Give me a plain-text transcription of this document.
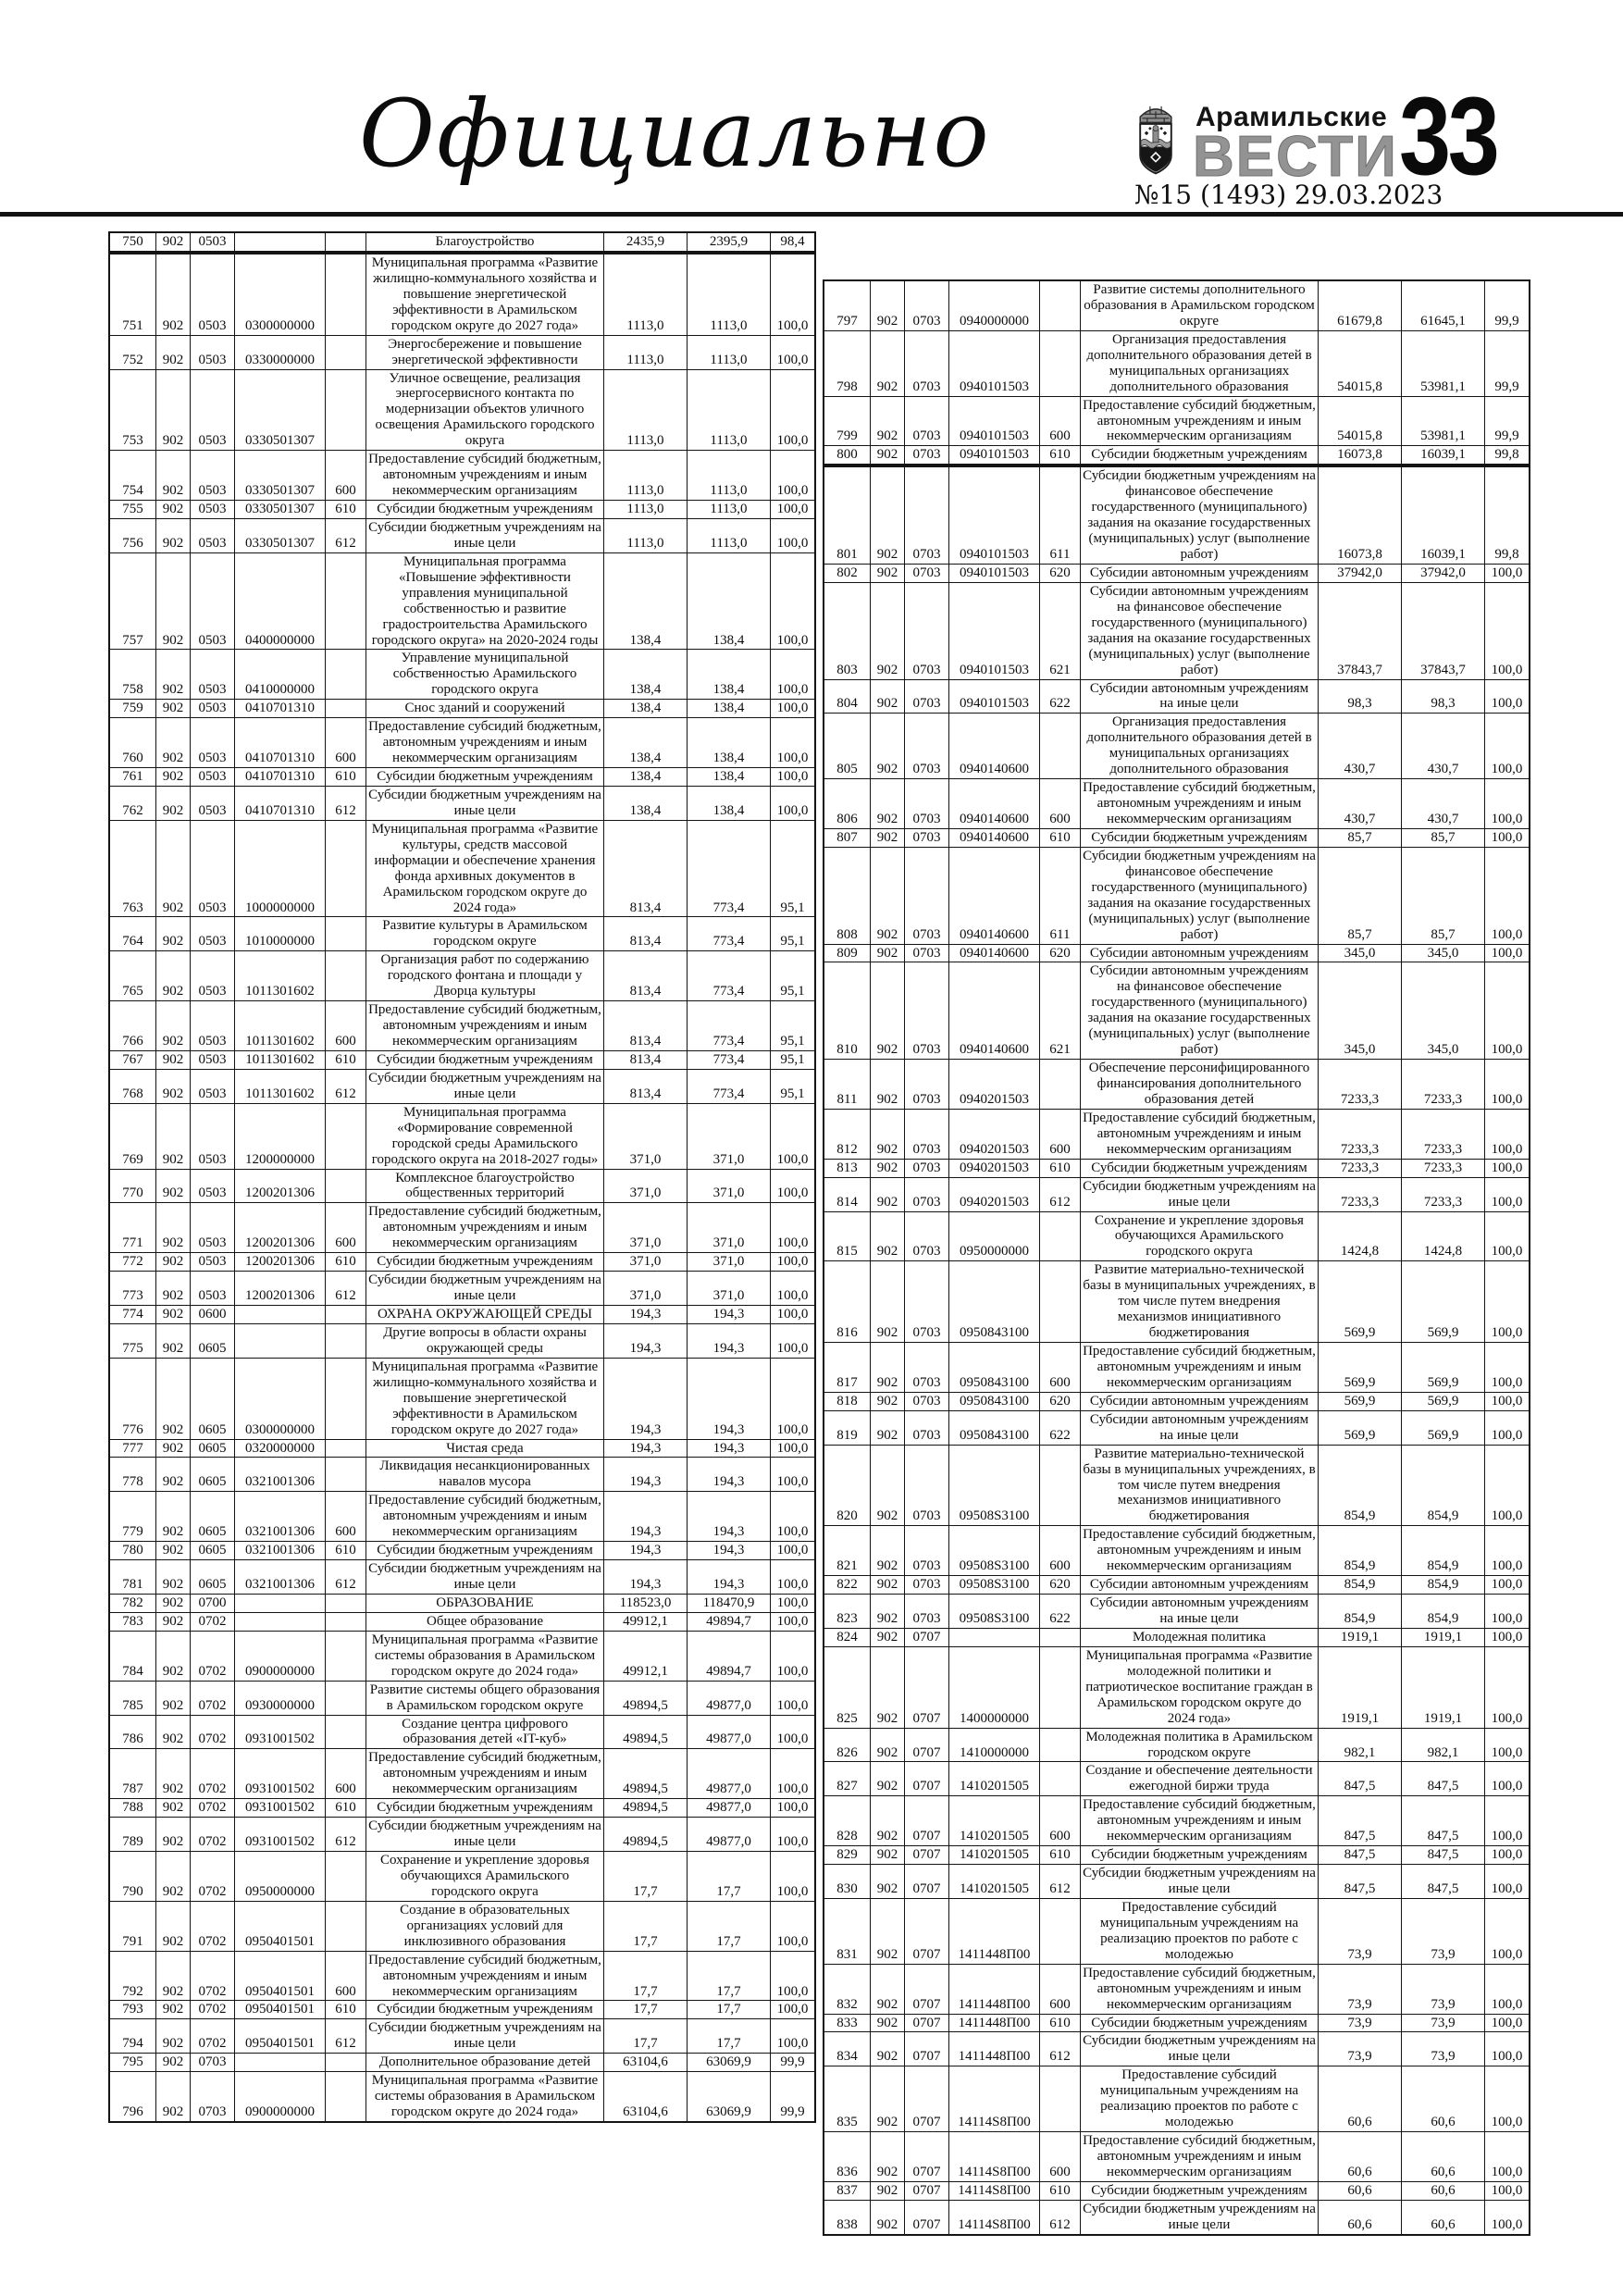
Официально	Арамильские
ВЕСТИ
№15 (1493) 29.03.2023
33
750	902	0503			Благоустройство	2435,9	2395,9	98,4
751	902	0503	0300000000		Муниципальная программа «Развитие жилищно-коммунального хозяйства и повышение энергетической эффективности в Арамильском городском округе до 2027 года»	1113,0	1113,0	100,0
752	902	0503	0330000000		Энергосбережение и повышение энергетической эффективности	1113,0	1113,0	100,0
753	902	0503	0330501307		Уличное освещение, реализация энергосервисного контакта по модернизации объектов уличного освещения Арамильского городского округа	1113,0	1113,0	100,0
754	902	0503	0330501307	600	Предоставление субсидий бюджетным, автономным учреждениям и иным некоммерческим организациям	1113,0	1113,0	100,0
755	902	0503	0330501307	610	Субсидии бюджетным учреждениям	1113,0	1113,0	100,0
756	902	0503	0330501307	612	Субсидии бюджетным учреждениям на иные цели	1113,0	1113,0	100,0
757	902	0503	0400000000		Муниципальная программа «Повышение эффективности управления муниципальной собственностью и развитие градостроительства Арамильского городского округа» на 2020-2024 годы	138,4	138,4	100,0
758	902	0503	0410000000		Управление муниципальной собственностью Арамильского городского округа	138,4	138,4	100,0
759	902	0503	0410701310		Снос зданий и сооружений	138,4	138,4	100,0
760	902	0503	0410701310	600	Предоставление субсидий бюджетным, автономным учреждениям и иным некоммерческим организациям	138,4	138,4	100,0
761	902	0503	0410701310	610	Субсидии бюджетным учреждениям	138,4	138,4	100,0
762	902	0503	0410701310	612	Субсидии бюджетным учреждениям на иные цели	138,4	138,4	100,0
763	902	0503	1000000000		Муниципальная программа «Развитие культуры, средств массовой информации и обеспечение хранения фонда архивных документов в Арамильском городском округе до 2024 года»	813,4	773,4	95,1
764	902	0503	1010000000		Развитие культуры в Арамильском городском округе	813,4	773,4	95,1
765	902	0503	1011301602		Организация работ по содержанию городского фонтана и площади у Дворца культуры	813,4	773,4	95,1
766	902	0503	1011301602	600	Предоставление субсидий бюджетным, автономным учреждениям и иным некоммерческим организациям	813,4	773,4	95,1
767	902	0503	1011301602	610	Субсидии бюджетным учреждениям	813,4	773,4	95,1
768	902	0503	1011301602	612	Субсидии бюджетным учреждениям на иные цели	813,4	773,4	95,1
769	902	0503	1200000000		Муниципальная программа «Формирование современной городской среды Арамильского городского округа на 2018-2027 годы»	371,0	371,0	100,0
770	902	0503	1200201306		Комплексное благоустройство общественных территорий	371,0	371,0	100,0
771	902	0503	1200201306	600	Предоставление субсидий бюджетным, автономным учреждениям и иным некоммерческим организациям	371,0	371,0	100,0
772	902	0503	1200201306	610	Субсидии бюджетным учреждениям	371,0	371,0	100,0
773	902	0503	1200201306	612	Субсидии бюджетным учреждениям на иные цели	371,0	371,0	100,0
774	902	0600			ОХРАНА ОКРУЖАЮЩЕЙ СРЕДЫ	194,3	194,3	100,0
775	902	0605			Другие вопросы в области охраны окружающей среды	194,3	194,3	100,0
776	902	0605	0300000000		Муниципальная программа «Развитие жилищно-коммунального хозяйства и повышение энергетической эффективности в Арамильском городском округе до 2027 года»	194,3	194,3	100,0
777	902	0605	0320000000		Чистая среда	194,3	194,3	100,0
778	902	0605	0321001306		Ликвидация несанкционированных навалов мусора	194,3	194,3	100,0
779	902	0605	0321001306	600	Предоставление субсидий бюджетным, автономным учреждениям и иным некоммерческим организациям	194,3	194,3	100,0
780	902	0605	0321001306	610	Субсидии бюджетным учреждениям	194,3	194,3	100,0
781	902	0605	0321001306	612	Субсидии бюджетным учреждениям на иные цели	194,3	194,3	100,0
782	902	0700			ОБРАЗОВАНИЕ	118523,0	118470,9	100,0
783	902	0702			Общее образование	49912,1	49894,7	100,0
784	902	0702	0900000000		Муниципальная программа «Развитие системы образования в Арамильском городском округе до 2024 года»	49912,1	49894,7	100,0
785	902	0702	0930000000		Развитие системы общего образования в Арамильском городском округе	49894,5	49877,0	100,0
786	902	0702	0931001502		Создание центра цифрового образования детей «IT-куб»	49894,5	49877,0	100,0
787	902	0702	0931001502	600	Предоставление субсидий бюджетным, автономным учреждениям и иным некоммерческим организациям	49894,5	49877,0	100,0
788	902	0702	0931001502	610	Субсидии бюджетным учреждениям	49894,5	49877,0	100,0
789	902	0702	0931001502	612	Субсидии бюджетным учреждениям на иные цели	49894,5	49877,0	100,0
790	902	0702	0950000000		Сохранение и укрепление здоровья обучающихся Арамильского городского округа	17,7	17,7	100,0
791	902	0702	0950401501		Создание в образовательных организациях условий для инклюзивного образования	17,7	17,7	100,0
792	902	0702	0950401501	600	Предоставление субсидий бюджетным, автономным учреждениям и иным некоммерческим организациям	17,7	17,7	100,0
793	902	0702	0950401501	610	Субсидии бюджетным учреждениям	17,7	17,7	100,0
794	902	0702	0950401501	612	Субсидии бюджетным учреждениям на иные цели	17,7	17,7	100,0
795	902	0703			Дополнительное образование детей	63104,6	63069,9	99,9
796	902	0703	0900000000		Муниципальная программа «Развитие системы образования в Арамильском городском округе до 2024 года»	63104,6	63069,9	99,9
797	902	0703	0940000000		Развитие системы дополнительного образования в Арамильском городском округе	61679,8	61645,1	99,9
798	902	0703	0940101503		Организация предоставления дополнительного образования детей в муниципальных организациях дополнительного образования	54015,8	53981,1	99,9
799	902	0703	0940101503	600	Предоставление субсидий бюджетным, автономным учреждениям и иным некоммерческим организациям	54015,8	53981,1	99,9
800	902	0703	0940101503	610	Субсидии бюджетным учреждениям	16073,8	16039,1	99,8
801	902	0703	0940101503	611	Субсидии бюджетным учреждениям на финансовое обеспечение государственного (муниципального) задания на оказание государственных (муниципальных) услуг (выполнение работ)	16073,8	16039,1	99,8
802	902	0703	0940101503	620	Субсидии автономным учреждениям	37942,0	37942,0	100,0
803	902	0703	0940101503	621	Субсидии автономным учреждениям на финансовое обеспечение государственного (муниципального) задания на оказание государственных (муниципальных) услуг (выполнение работ)	37843,7	37843,7	100,0
804	902	0703	0940101503	622	Субсидии автономным учреждениям на иные цели	98,3	98,3	100,0
805	902	0703	0940140600		Организация предоставления дополнительного образования детей в муниципальных организациях дополнительного образования	430,7	430,7	100,0
806	902	0703	0940140600	600	Предоставление субсидий бюджетным, автономным учреждениям и иным некоммерческим организациям	430,7	430,7	100,0
807	902	0703	0940140600	610	Субсидии бюджетным учреждениям	85,7	85,7	100,0
808	902	0703	0940140600	611	Субсидии бюджетным учреждениям на финансовое обеспечение государственного (муниципального) задания на оказание государственных (муниципальных) услуг (выполнение работ)	85,7	85,7	100,0
809	902	0703	0940140600	620	Субсидии автономным учреждениям	345,0	345,0	100,0
810	902	0703	0940140600	621	Субсидии автономным учреждениям на финансовое обеспечение государственного (муниципального) задания на оказание государственных (муниципальных) услуг (выполнение работ)	345,0	345,0	100,0
811	902	0703	0940201503		Обеспечение персонифицированного финансирования дополнительного образования детей	7233,3	7233,3	100,0
812	902	0703	0940201503	600	Предоставление субсидий бюджетным, автономным учреждениям и иным некоммерческим организациям	7233,3	7233,3	100,0
813	902	0703	0940201503	610	Субсидии бюджетным учреждениям	7233,3	7233,3	100,0
814	902	0703	0940201503	612	Субсидии бюджетным учреждениям на иные цели	7233,3	7233,3	100,0
815	902	0703	0950000000		Сохранение и укрепление здоровья обучающихся Арамильского городского округа	1424,8	1424,8	100,0
816	902	0703	0950843100		Развитие материально-технической базы в муниципальных учреждениях, в том числе путем внедрения механизмов инициативного бюджетирования	569,9	569,9	100,0
817	902	0703	0950843100	600	Предоставление субсидий бюджетным, автономным учреждениям и иным некоммерческим организациям	569,9	569,9	100,0
818	902	0703	0950843100	620	Субсидии автономным учреждениям	569,9	569,9	100,0
819	902	0703	0950843100	622	Субсидии автономным учреждениям на иные цели	569,9	569,9	100,0
820	902	0703	09508S3100		Развитие материально-технической базы в муниципальных учреждениях, в том числе путем внедрения механизмов инициативного бюджетирования	854,9	854,9	100,0
821	902	0703	09508S3100	600	Предоставление субсидий бюджетным, автономным учреждениям и иным некоммерческим организациям	854,9	854,9	100,0
822	902	0703	09508S3100	620	Субсидии автономным учреждениям	854,9	854,9	100,0
823	902	0703	09508S3100	622	Субсидии автономным учреждениям на иные цели	854,9	854,9	100,0
824	902	0707			Молодежная политика	1919,1	1919,1	100,0
825	902	0707	1400000000		Муниципальная программа «Развитие молодежной политики и патриотическое воспитание граждан в Арамильском городском округе до 2024 года»	1919,1	1919,1	100,0
826	902	0707	1410000000		Молодежная политика в Арамильском городском округе	982,1	982,1	100,0
827	902	0707	1410201505		Создание и обеспечение деятельности ежегодной биржи труда	847,5	847,5	100,0
828	902	0707	1410201505	600	Предоставление субсидий бюджетным, автономным учреждениям и иным некоммерческим организациям	847,5	847,5	100,0
829	902	0707	1410201505	610	Субсидии бюджетным учреждениям	847,5	847,5	100,0
830	902	0707	1410201505	612	Субсидии бюджетным учреждениям на иные цели	847,5	847,5	100,0
831	902	0707	1411448П00		Предоставление субсидий муниципальным учреждениям на реализацию проектов по работе с молодежью	73,9	73,9	100,0
832	902	0707	1411448П00	600	Предоставление субсидий бюджетным, автономным учреждениям и иным некоммерческим организациям	73,9	73,9	100,0
833	902	0707	1411448П00	610	Субсидии бюджетным учреждениям	73,9	73,9	100,0
834	902	0707	1411448П00	612	Субсидии бюджетным учреждениям на иные цели	73,9	73,9	100,0
835	902	0707	14114S8П00		Предоставление субсидий муниципальным учреждениям на реализацию проектов по работе с молодежью	60,6	60,6	100,0
836	902	0707	14114S8П00	600	Предоставление субсидий бюджетным, автономным учреждениям и иным некоммерческим организациям	60,6	60,6	100,0
837	902	0707	14114S8П00	610	Субсидии бюджетным учреждениям	60,6	60,6	100,0
838	902	0707	14114S8П00	612	Субсидии бюджетным учреждениям на иные цели	60,6	60,6	100,0
